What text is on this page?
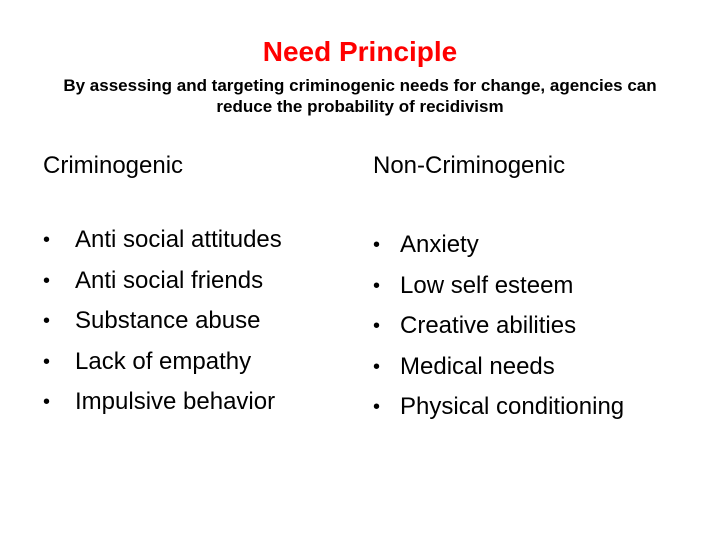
Need Principle
By assessing and targeting criminogenic needs for change, agencies can reduce the probability of recidivism
Criminogenic	Non-Criminogenic
• Anti social attitudes
• Anti social friends
• Substance abuse
• Lack of empathy
• Impulsive behavior
• Anxiety
• Low self esteem
• Creative abilities
• Medical needs
• Physical conditioning
